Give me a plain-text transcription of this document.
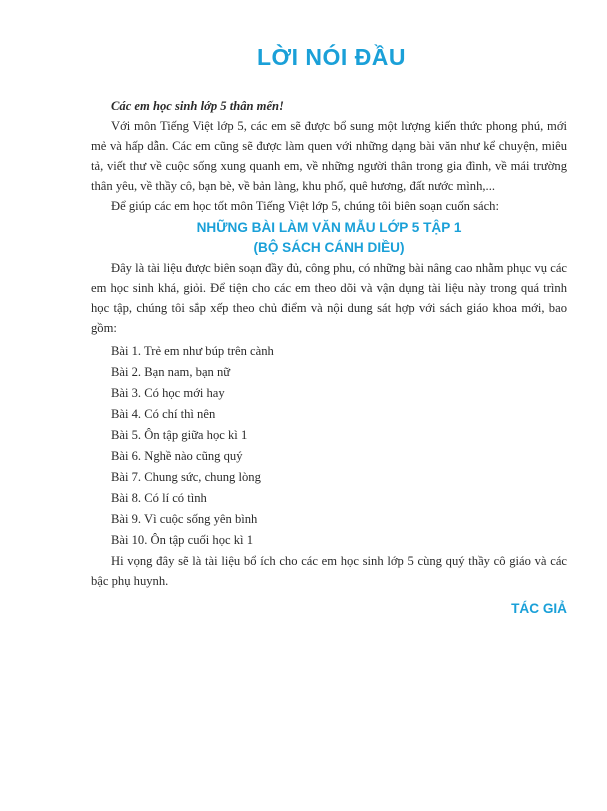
LỜI NÓI ĐẦU

Các em học sinh lớp 5 thân mến!

Với môn Tiếng Việt lớp 5, các em sẽ được bổ sung một lượng kiến thức phong phú, mới mẻ và hấp dẫn. Các em cũng sẽ được làm quen với những dạng bài văn như kể chuyện, miêu tả, viết thư về cuộc sống xung quanh em, về những người thân trong gia đình, về mái trường thân yêu, về thầy cô, bạn bè, về bản làng, khu phố, quê hương, đất nước mình,...

Để giúp các em học tốt môn Tiếng Việt lớp 5, chúng tôi biên soạn cuốn sách:

NHỮNG BÀI LÀM VĂN MẪU LỚP 5 TẬP 1
(BỘ SÁCH CÁNH DIỀU)

Đây là tài liệu được biên soạn đầy đủ, công phu, có những bài nâng cao nhằm phục vụ các em học sinh khá, giỏi. Để tiện cho các em theo dõi và vận dụng tài liệu này trong quá trình học tập, chúng tôi sắp xếp theo chủ điểm và nội dung sát hợp với sách giáo khoa mới, bao gồm:

Bài 1. Trẻ em như búp trên cành
Bài 2. Bạn nam, bạn nữ
Bài 3. Có học mới hay
Bài 4. Có chí thì nên
Bài 5. Ôn tập giữa học kì 1
Bài 6. Nghề nào cũng quý
Bài 7. Chung sức, chung lòng
Bài 8. Có lí có tình
Bài 9. Vì cuộc sống yên bình
Bài 10. Ôn tập cuối học kì 1

Hi vọng đây sẽ là tài liệu bổ ích cho các em học sinh lớp 5 cùng quý thầy cô giáo và các bậc phụ huynh.

TÁC GIẢ
